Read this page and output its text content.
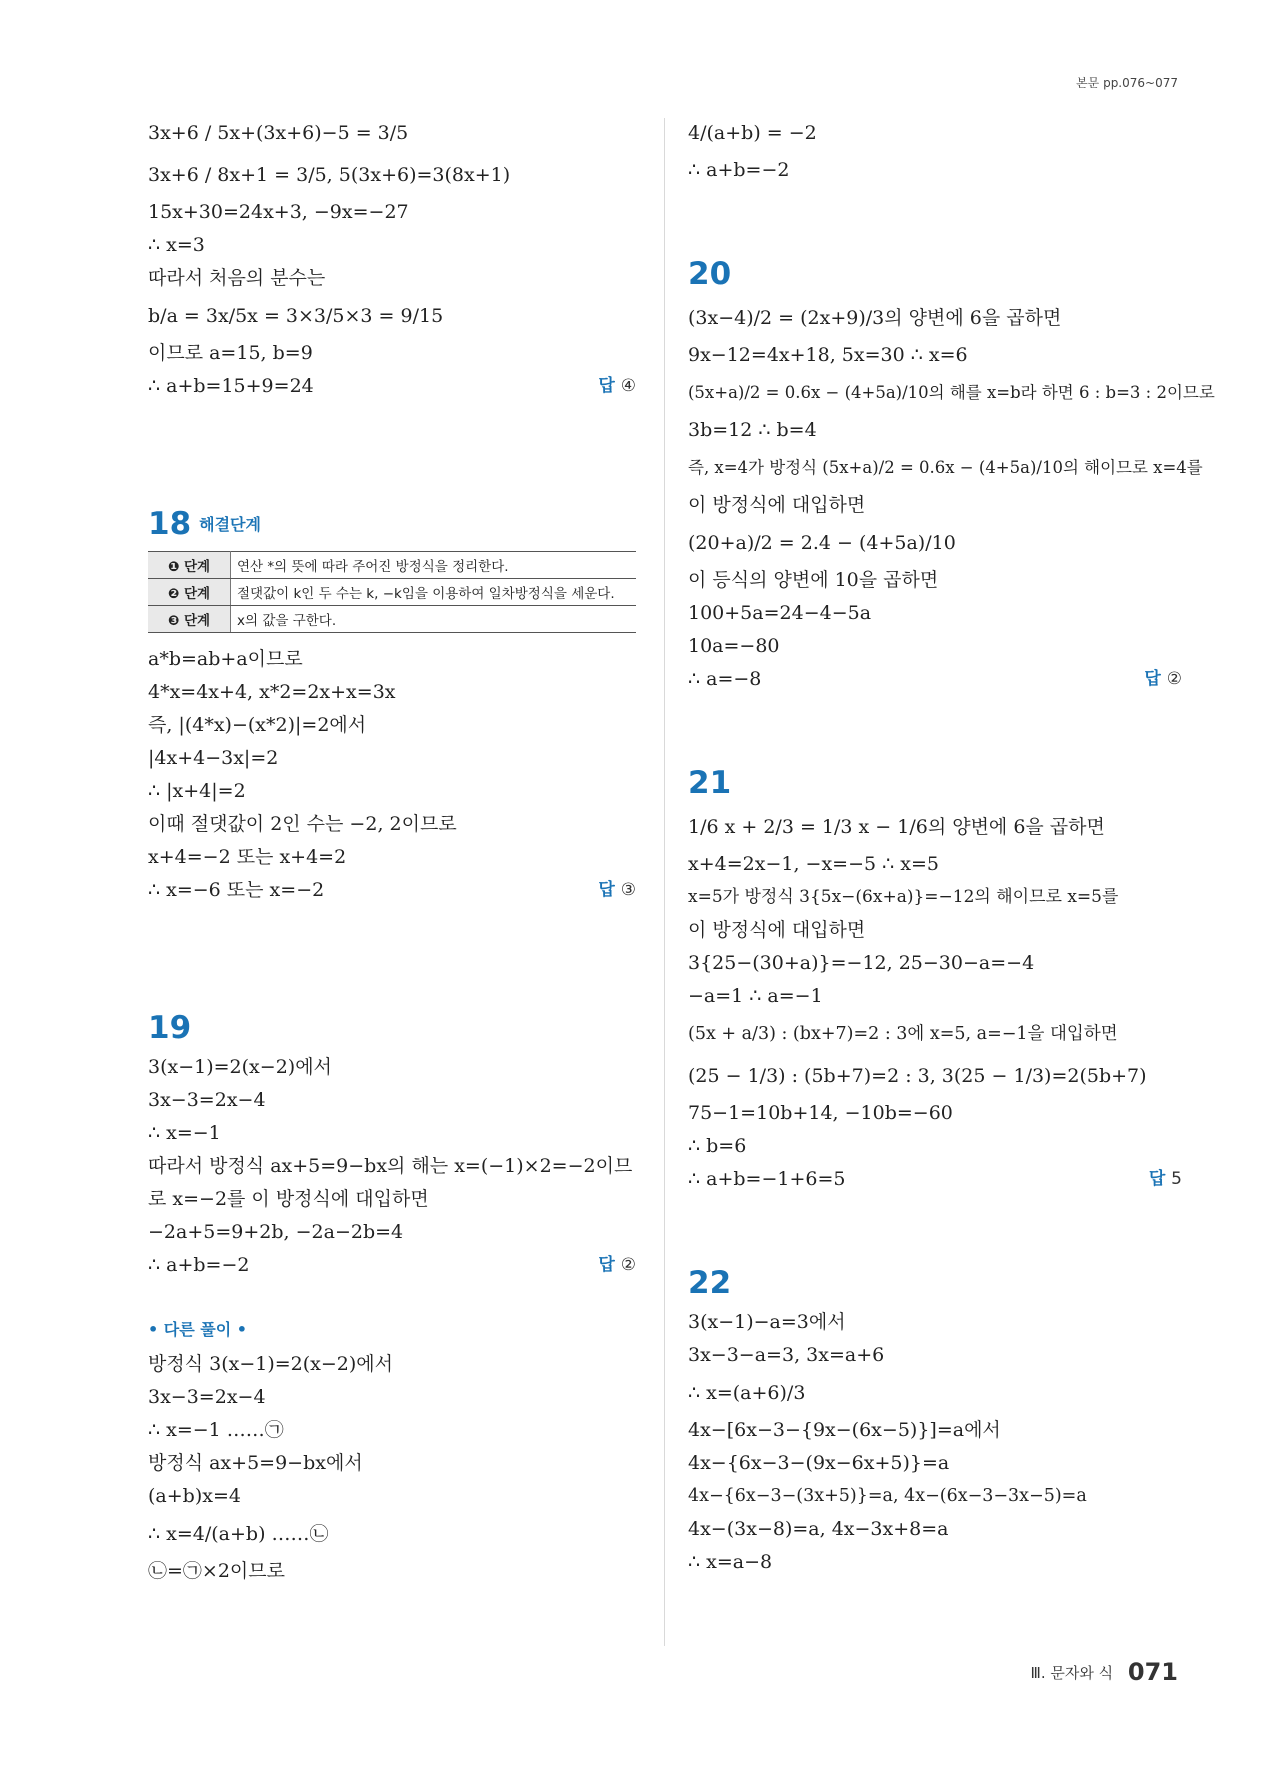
본문 pp.076~077
3x+6 / 5x+(3x+6)−5 = 3/5
3x+6 / 8x+1 = 3/5, 5(3x+6)=3(8x+1)
15x+30=24x+3, −9x=−27
∴ x=3
따라서 처음의 분수는
b/a = 3x/5x = 3×3/5×3 = 9/15
이므로 a=15, b=9
∴ a+b=15+9=24	답 ④
18 $^{해결단계}$
❶ 단계	연산 *의 뜻에 따라 주어진 방정식을 정리한다.
❷ 단계	절댓값이 k인 두 수는 k, −k임을 이용하여 일차방정식을 세운다.
❸ 단계	x의 값을 구한다.
a*b=ab+a이므로
4*x=4x+4, x*2=2x+x=3x
즉, |(4*x)−(x*2)|=2에서
|4x+4−3x|=2
∴ |x+4|=2
이때 절댓값이 2인 수는 −2, 2이므로
x+4=−2 또는 x+4=2
∴ x=−6 또는 x=−2	답 ③
19
3(x−1)=2(x−2)에서
3x−3=2x−4
∴ x=−1
따라서 방정식 ax+5=9−bx의 해는 x=(−1)×2=−2이므
로 x=−2를 이 방정식에 대입하면
−2a+5=9+2b, −2a−2b=4
∴ a+b=−2	답 ②
• 다른 풀이 •
방정식 3(x−1)=2(x−2)에서
3x−3=2x−4
∴ x=−1 ……㉠
방정식 ax+5=9−bx에서
(a+b)x=4
∴ x=4/(a+b) ……㉡
㉡=㉠×2이므로
4/(a+b) = −2
∴ a+b=−2
20
(3x−4)/2 = (2x+9)/3의 양변에 6을 곱하면
9x−12=4x+18, 5x=30 ∴ x=6
(5x+a)/2 = 0.6x − (4+5a)/10의 해를 x=b라 하면 6 : b=3 : 2이므로
3b=12 ∴ b=4
즉, x=4가 방정식 (5x+a)/2 = 0.6x − (4+5a)/10의 해이므로 x=4를
이 방정식에 대입하면
(20+a)/2 = 2.4 − (4+5a)/10
이 등식의 양변에 10을 곱하면
100+5a=24−4−5a
10a=−80
∴ a=−8	답 ②
21
1/6 x + 2/3 = 1/3 x − 1/6의 양변에 6을 곱하면
x+4=2x−1, −x=−5 ∴ x=5
x=5가 방정식 3{5x−(6x+a)}=−12의 해이므로 x=5를
이 방정식에 대입하면
3{25−(30+a)}=−12, 25−30−a=−4
−a=1 ∴ a=−1
(5x + a/3) : (bx+7)=2 : 3에 x=5, a=−1을 대입하면
(25 − 1/3) : (5b+7)=2 : 3, 3(25 − 1/3)=2(5b+7)
75−1=10b+14, −10b=−60
∴ b=6
∴ a+b=−1+6=5	답 5
22
3(x−1)−a=3에서
3x−3−a=3, 3x=a+6
∴ x=(a+6)/3
4x−[6x−3−{9x−(6x−5)}]=a에서
4x−{6x−3−(9x−6x+5)}=a
4x−{6x−3−(3x+5)}=a, 4x−(6x−3−3x−5)=a
4x−(3x−8)=a, 4x−3x+8=a
∴ x=a−8
Ⅲ. 문자와 식 071
